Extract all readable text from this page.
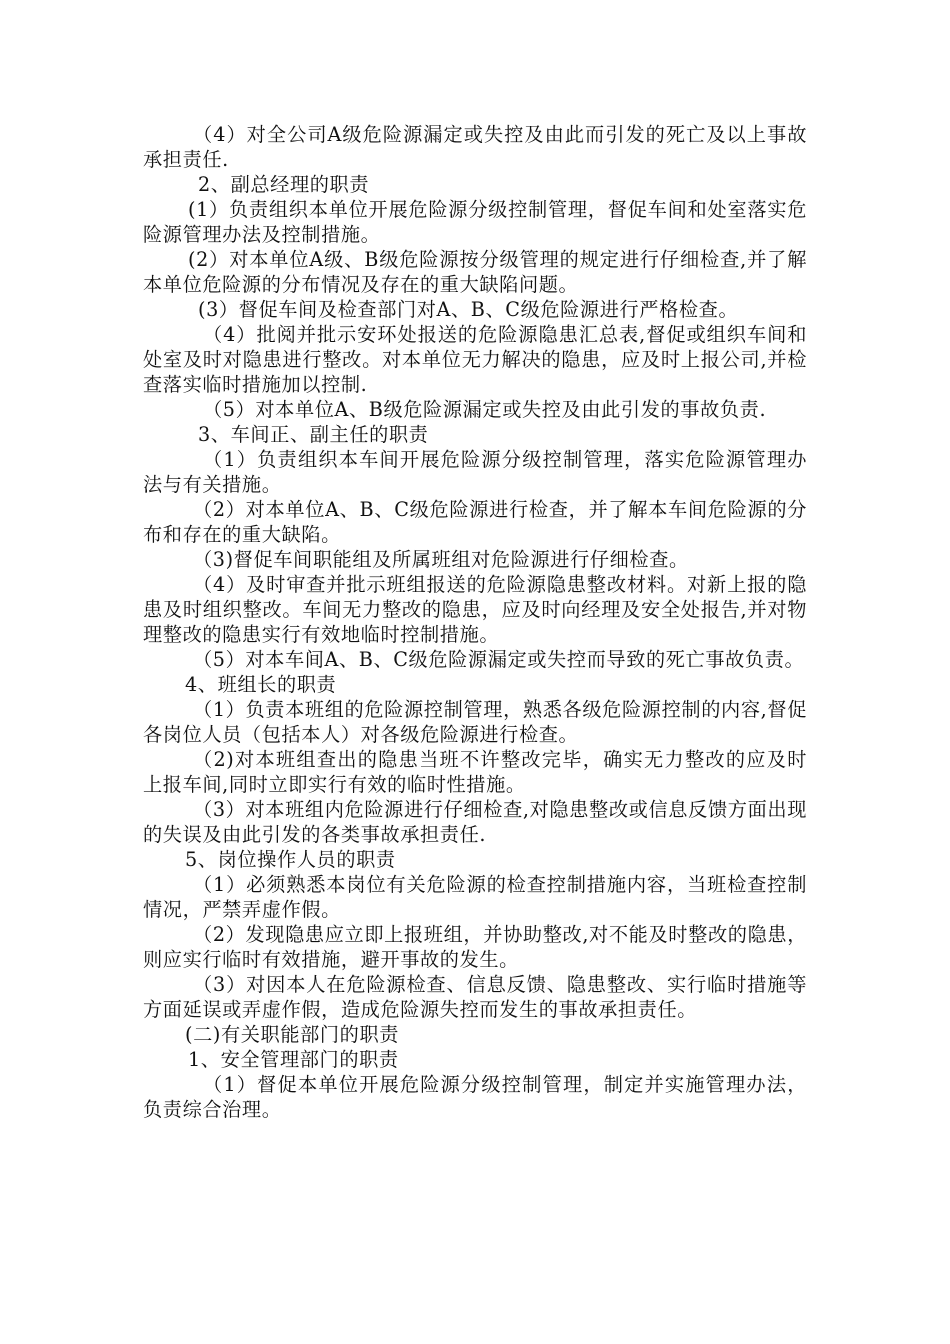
（4）对全公司A级危险源漏定或失控及由此而引发的死亡及以上事故承担责任.

2、副总经理的职责

(1）负责组织本单位开展危险源分级控制管理，督促车间和处室落实危险源管理办法及控制措施。

(2）对本单位A级、B级危险源按分级管理的规定进行仔细检查,并了解本单位危险源的分布情况及存在的重大缺陷问题。

(3）督促车间及检查部门对A、B、C级危险源进行严格检查。

（4）批阅并批示安环处报送的危险源隐患汇总表,督促或组织车间和处室及时对隐患进行整改。对本单位无力解决的隐患，应及时上报公司,并检查落实临时措施加以控制.

（5）对本单位A、B级危险源漏定或失控及由此引发的事故负责.

3、车间正、副主任的职责

（1）负责组织本车间开展危险源分级控制管理，落实危险源管理办法与有关措施。

（2）对本单位A、B、C级危险源进行检查，并了解本车间危险源的分布和存在的重大缺陷。

（3)督促车间职能组及所属班组对危险源进行仔细检查。

（4）及时审查并批示班组报送的危险源隐患整改材料。对新上报的隐患及时组织整改。车间无力整改的隐患，应及时向经理及安全处报告,并对物理整改的隐患实行有效地临时控制措施。

（5）对本车间A、B、C级危险源漏定或失控而导致的死亡事故负责。

4、班组长的职责

（1）负责本班组的危险源控制管理，熟悉各级危险源控制的内容,督促各岗位人员（包括本人）对各级危险源进行检查。

（2)对本班组查出的隐患当班不许整改完毕，确实无力整改的应及时上报车间,同时立即实行有效的临时性措施。

（3）对本班组内危险源进行仔细检查,对隐患整改或信息反馈方面出现的失误及由此引发的各类事故承担责任.

5、岗位操作人员的职责

（1）必须熟悉本岗位有关危险源的检查控制措施内容，当班检查控制情况，严禁弄虚作假。

（2）发现隐患应立即上报班组，并协助整改,对不能及时整改的隐患，则应实行临时有效措施，避开事故的发生。

（3）对因本人在危险源检查、信息反馈、隐患整改、实行临时措施等方面延误或弄虚作假，造成危险源失控而发生的事故承担责任。

(二)有关职能部门的职责

1、安全管理部门的职责

（1）督促本单位开展危险源分级控制管理，制定并实施管理办法，负责综合治理。
